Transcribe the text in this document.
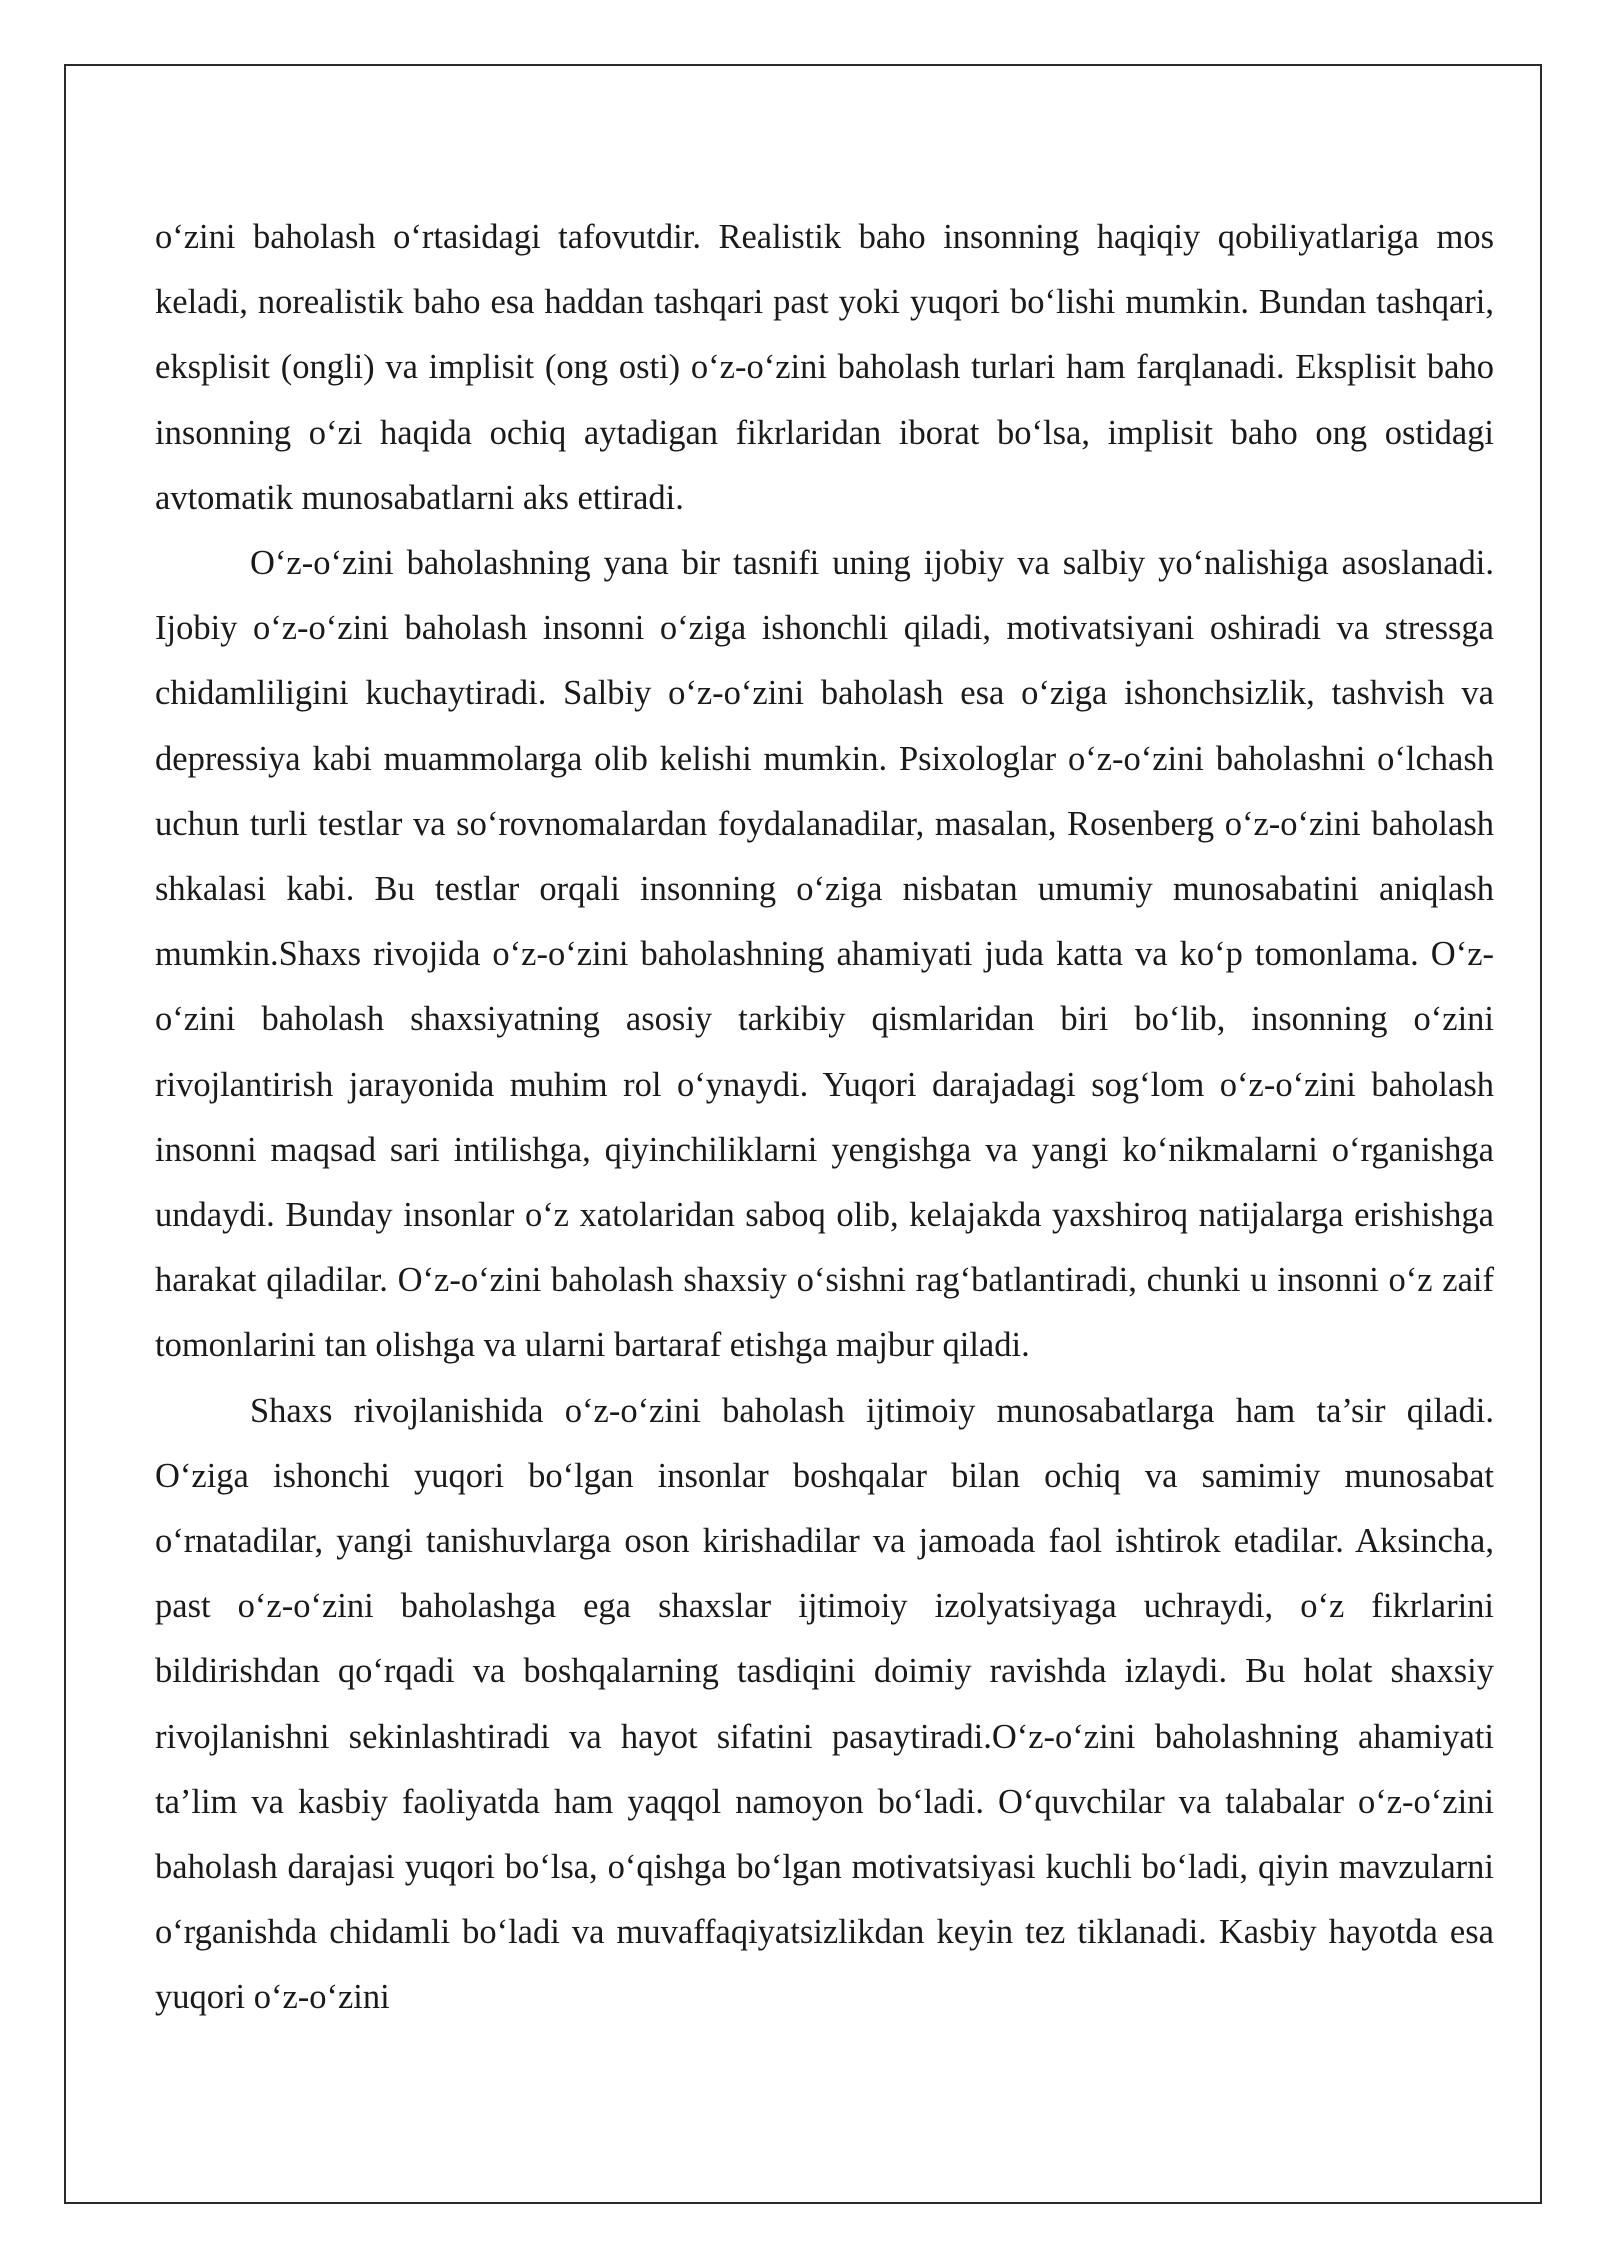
o‘zini baholash o‘rtasidagi tafovutdir. Realistik baho insonning haqiqiy qobiliyatlariga mos keladi, norealistik baho esa haddan tashqari past yoki yuqori bo‘lishi mumkin. Bundan tashqari, eksplisit (ongli) va implisit (ong osti) o‘z-o‘zini baholash turlari ham farqlanadi. Eksplisit baho insonning o‘zi haqida ochiq aytadigan fikrlaridan iborat bo‘lsa, implisit baho ong ostidagi avtomatik munosabatlarni aks ettiradi.

O‘z-o‘zini baholashning yana bir tasnifi uning ijobiy va salbiy yo‘nalishiga asoslanadi. Ijobiy o‘z-o‘zini baholash insonni o‘ziga ishonchli qiladi, motivatsiyani oshiradi va stressga chidamliligini kuchaytiradi. Salbiy o‘z-o‘zini baholash esa o‘ziga ishonchsizlik, tashvish va depressiya kabi muammolarga olib kelishi mumkin. Psixologlar o‘z-o‘zini baholashni o‘lchash uchun turli testlar va so‘rovnomalardan foydalanadilar, masalan, Rosenberg o‘z-o‘zini baholash shkalasi kabi. Bu testlar orqali insonning o‘ziga nisbatan umumiy munosabatini aniqlash mumkin.Shaxs rivojida o‘z-o‘zini baholashning ahamiyati juda katta va ko‘p tomonlama. O‘z-o‘zini baholash shaxsiyatning asosiy tarkibiy qismlaridan biri bo‘lib, insonning o‘zini rivojlantirish jarayonida muhim rol o‘ynaydi. Yuqori darajadagi sog‘lom o‘z-o‘zini baholash insonni maqsad sari intilishga, qiyinchiliklarni yengishga va yangi ko‘nikmalarni o‘rganishga undaydi. Bunday insonlar o‘z xatolaridan saboq olib, kelajakda yaxshiroq natijalarga erishishga harakat qiladilar. O‘z-o‘zini baholash shaxsiy o‘sishni rag‘batlantiradi, chunki u insonni o‘z zaif tomonlarini tan olishga va ularni bartaraf etishga majbur qiladi.

Shaxs rivojlanishida o‘z-o‘zini baholash ijtimoiy munosabatlarga ham ta’sir qiladi. O‘ziga ishonchi yuqori bo‘lgan insonlar boshqalar bilan ochiq va samimiy munosabat o‘rnatadilar, yangi tanishuvlarga oson kirishadilar va jamoada faol ishtirok etadilar. Aksincha, past o‘z-o‘zini baholashga ega shaxslar ijtimoiy izolyatsiyaga uchraydi, o‘z fikrlarini bildirishdan qo‘rqadi va boshqalarning tasdiqini doimiy ravishda izlaydi. Bu holat shaxsiy rivojlanishni sekinlashtiradi va hayot sifatini pasaytiradi.O‘z-o‘zini baholashning ahamiyati ta’lim va kasbiy faoliyatda ham yaqqol namoyon bo‘ladi. O‘quvchilar va talabalar o‘z-o‘zini baholash darajasi yuqori bo‘lsa, o‘qishga bo‘lgan motivatsiyasi kuchli bo‘ladi, qiyin mavzularni o‘rganishda chidamli bo‘ladi va muvaffaqiyatsizlikdan keyin tez tiklanadi. Kasbiy hayotda esa yuqori o‘z-o‘zini
